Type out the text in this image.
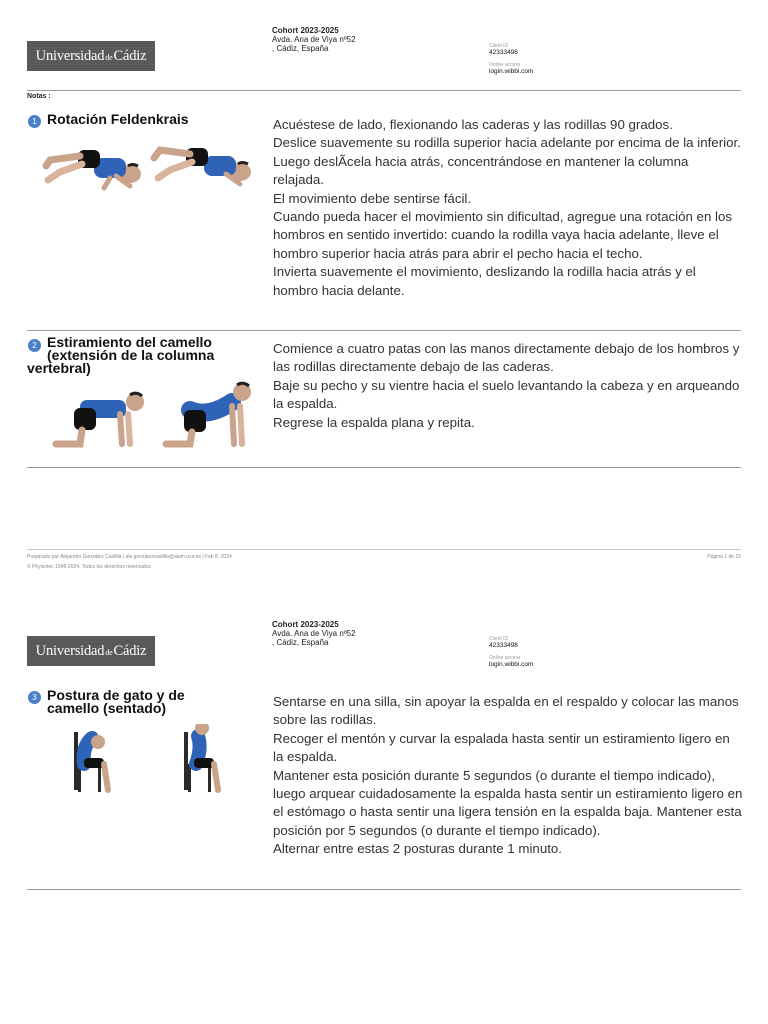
Universidad de Cádiz
Cohort 2023-2025
Avda. Ana de Viya nº52
, Cádiz, España	Client ID
42333498
Online access
login.wibbi.com
Notas :
1 Rotación Feldenkrais	Acuéstese de lado, flexionando las caderas y las rodillas 90 grados.

Deslice suavemente su rodilla superior hacia adelante por encima de la inferior.

Luego deslÃcela hacia atrás, concentrándose en mantener la columna relajada.

El movimiento debe sentirse fácil.

Cuando pueda hacer el movimiento sin dificultad, agregue una rotación en los hombros en sentido invertido: cuando la rodilla vaya hacia adelante, lleve el hombro superior hacia atrás para abrir el pecho hacia el techo.

Invierta suavemente el movimiento, deslizando la rodilla hacia atrás y el hombro hacia delante.

2 Estiramiento del camello
(extensión de la columna
vertebral)

Comience a cuatro patas con las manos directamente debajo de los hombros y las rodillas directamente debajo de las caderas.

Baje su pecho y su vientre hacia el suelo levantando la cabeza y en arqueando la espalda.

Regrese la espalda plana y repita.

Preparado por Alejandro González Castilla | ale.gonzalezcastilla@alum.uca.es | Feb 8, 2024
© Physiotec 1996-2024. Todos los derechos reservados
Página 1 de 22
Universidad de Cádiz
Cohort 2023-2025
Avda. Ana de Viya nº52
, Cádiz, España	Client ID
42333498
Online access
login.wibbi.com
3 Postura de gato y de
camello (sentado)	Sentarse en una silla, sin apoyar la espalda en el respaldo y colocar las manos sobre las rodillas.

Recoger el mentón y curvar la espalada hasta sentir un estiramiento ligero en la espalda.

Mantener esta posición durante 5 segundos (o durante el tiempo indicado), luego arquear cuidadosamente la espalda hasta sentir un estiramiento ligero en el estómago o hasta sentir una ligera tensión en la espalda baja. Mantener esta posición por 5 segundos (o durante el tiempo indicado).

Alternar entre estas 2 posturas durante 1 minuto.
